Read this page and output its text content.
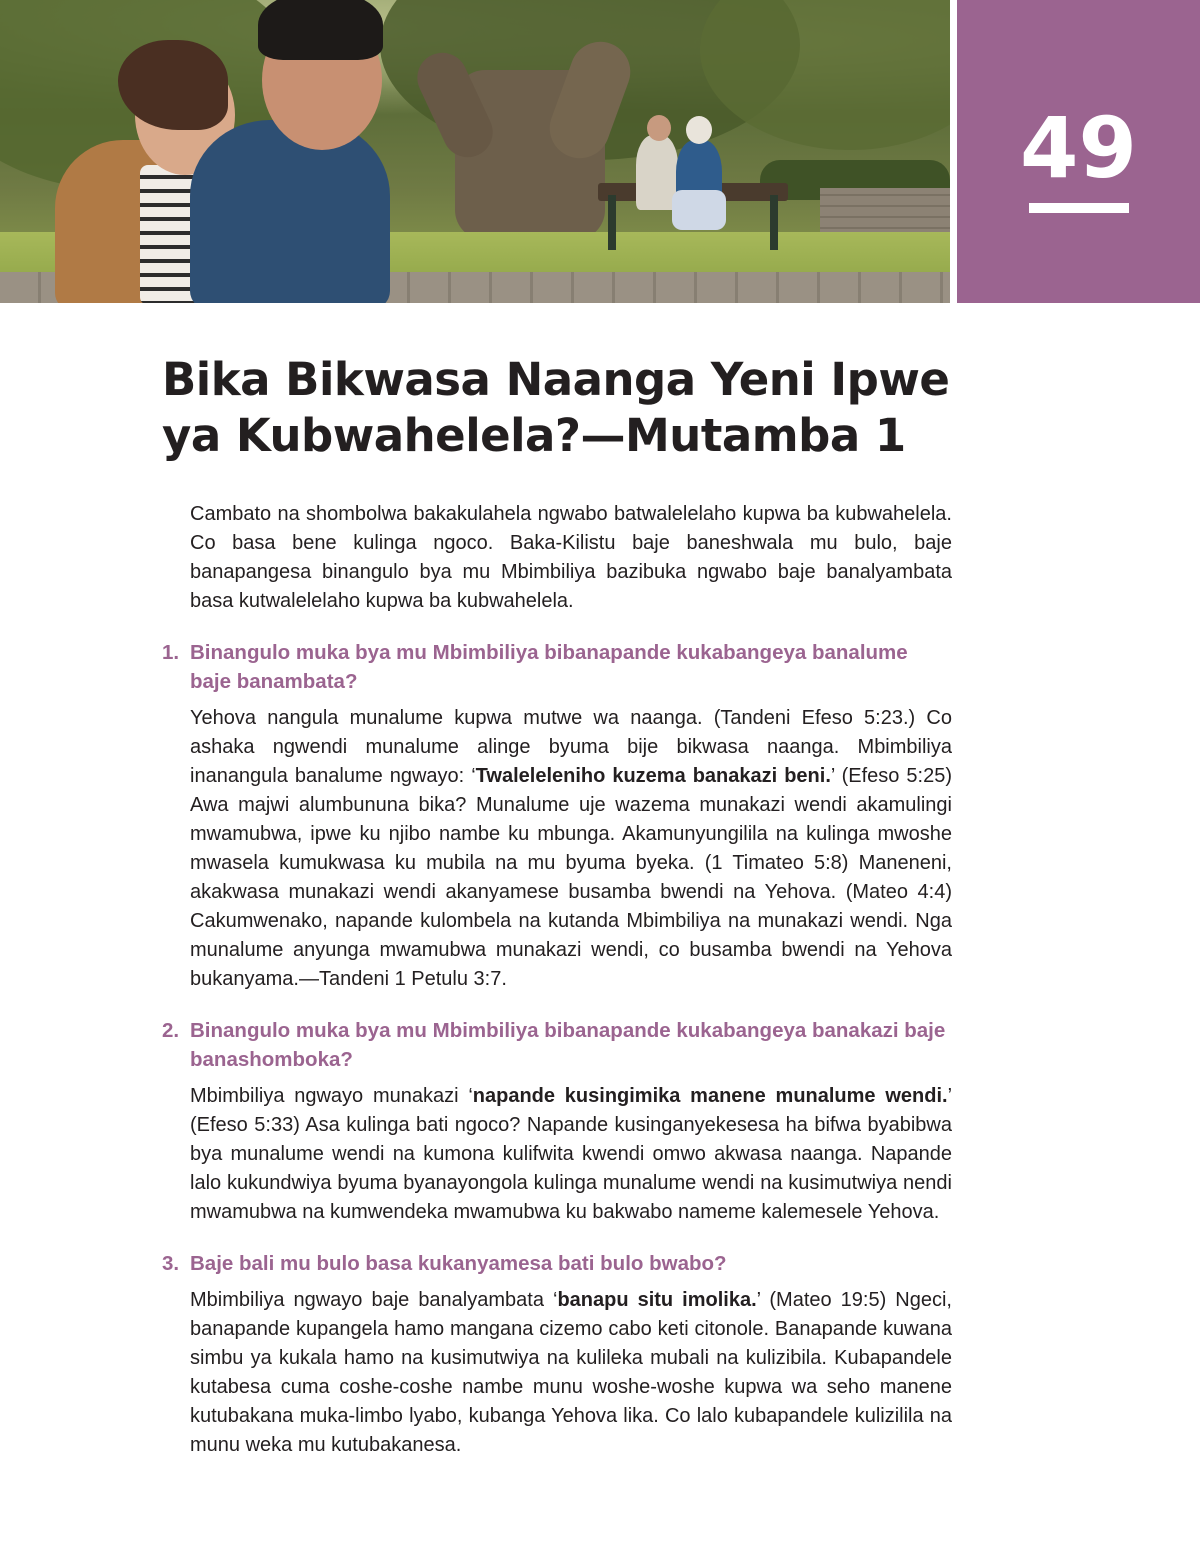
49
Bika Bikwasa Naanga Yeni Ipwe ya Kubwahelela?—Mutamba 1

Cambato na shombolwa bakakulahela ngwabo batwalelelaho kupwa ba kubwahelela. Co basa bene kulinga ngoco. Baka-Kilistu baje baneshwala mu bulo, baje banapangesa binangulo bya mu Mbimbiliya bazibuka ngwabo baje banalyambata basa kutwalelelaho kupwa ba kubwahelela.

1. Binangulo muka bya mu Mbimbiliya bibanapande kukabangeya banalume baje banambata?

Yehova nangula munalume kupwa mutwe wa naanga. (Tandeni Efeso 5:23.) Co ashaka ngwendi munalume alinge byuma bije bikwasa naanga. Mbimbiliya inanangula banalume ngwayo: ‘Twaleleleniho kuzema banakazi beni.’ (Efeso 5:25) Awa majwi alumbununa bika? Munalume uje wazema munakazi wendi akamulingi mwamubwa, ipwe ku njibo nambe ku mbunga. Akamunyungilila na kulinga mwoshe mwasela kumukwasa ku mubila na mu byuma byeka. (1 Timateo 5:8) Maneneni, akakwasa munakazi wendi akanyamese busamba bwendi na Yehova. (Mateo 4:4) Cakumwenako, napande kulombela na kutanda Mbimbiliya na munakazi wendi. Nga munalume anyunga mwamubwa munakazi wendi, co busamba bwendi na Yehova bukanyama.—Tandeni 1 Petulu 3:7.

2. Binangulo muka bya mu Mbimbiliya bibanapande kukabangeya banakazi baje banashomboka?

Mbimbiliya ngwayo munakazi ‘napande kusingimika manene munalume wendi.’ (Efeso 5:33) Asa kulinga bati ngoco? Napande kusinganyekesesa ha bifwa byabibwa bya munalume wendi na kumona kulifwita kwendi omwo akwasa naanga. Napande lalo kukundwiya byuma byanayongola kulinga munalume wendi na kusimutwiya nendi mwamubwa na kumwendeka mwamubwa ku bakwabo nameme kalemesele Yehova.

3. Baje bali mu bulo basa kukanyamesa bati bulo bwabo?

Mbimbiliya ngwayo baje banalyambata ‘banapu situ imolika.’ (Mateo 19:5) Ngeci, banapande kupangela hamo mangana cizemo cabo keti citonole. Banapande kuwana simbu ya kukala hamo na kusimutwiya na kulileka mubali na kulizibila. Kubapandele kutabesa cuma coshe-coshe nambe munu woshe-woshe kupwa wa seho manene kutubakana muka-limbo lyabo, kubanga Yehova lika. Co lalo kubapandele kulizilila na munu weka mu kutubakanesa.
